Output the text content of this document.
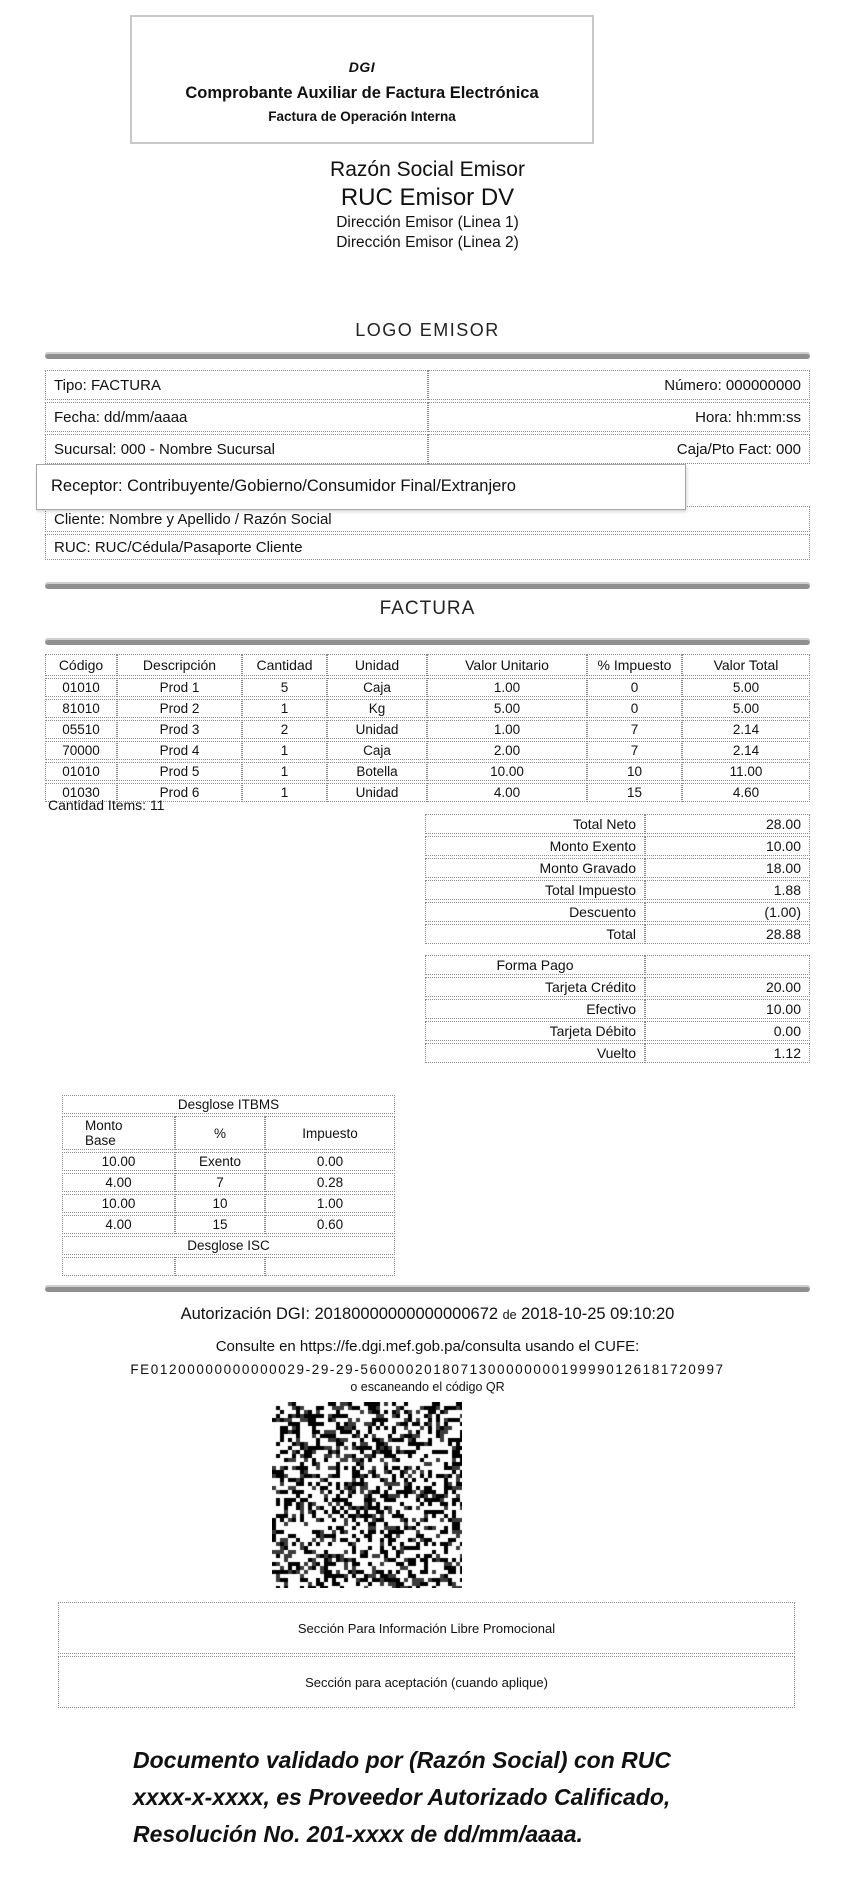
DGI
Comprobante Auxiliar de Factura Electrónica
Factura de Operación Interna
Razón Social Emisor
RUC Emisor DV
Dirección Emisor (Linea 1)
Dirección Emisor (Linea 2)
LOGO EMISOR
Tipo: FACTURA	Número: 000000000
Fecha: dd/mm/aaaa	Hora: hh:mm:ss
Sucursal: 000 - Nombre Sucursal	Caja/Pto Fact: 000
Receptor: Contribuyente/Gobierno/Consumidor Final/Extranjero
Cliente: Nombre y Apellido / Razón Social
RUC: RUC/Cédula/Pasaporte Cliente
FACTURA
Código	Descripción	Cantidad	Unidad	Valor Unitario	% Impuesto	Valor Total
01010	Prod 1	5	Caja	1.00	0	5.00
81010	Prod 2	1	Kg	5.00	0	5.00
05510	Prod 3	2	Unidad	1.00	7	2.14
70000	Prod 4	1	Caja	2.00	7	2.14
01010	Prod 5	1	Botella	10.00	10	11.00
01030	Prod 6	1	Unidad	4.00	15	4.60
Cantidad Items: 11
Total Neto	28.00
Monto Exento	10.00
Monto Gravado	18.00
Total Impuesto	1.88
Descuento	(1.00)
Total	28.88
Forma Pago	
Tarjeta Crédito	20.00
Efectivo	10.00
Tarjeta Débito	0.00
Vuelto	1.12
Desglose ITBMS		

Monto Base	%	Impuesto
10.00	Exento	0.00
4.00	7	0.28
10.00	10	1.00
4.00	15	0.60
Desglose ISC		

Autorización DGI: 20180000000000000672 de 2018-10-25 09:10:20
Consulte en https://fe.dgi.mef.gob.pa/consulta usando el CUFE:
FE01200000000000029-29-29-5600002018071300000000199990126181720997
o escaneando el código QR
Sección Para Información Libre Promocional
Sección para aceptación (cuando aplique)
Documento validado por (Razón Social) con RUC
xxxx-x-xxxx, es Proveedor Autorizado Calificado,
Resolución No. 201-xxxx de dd/mm/aaaa.
